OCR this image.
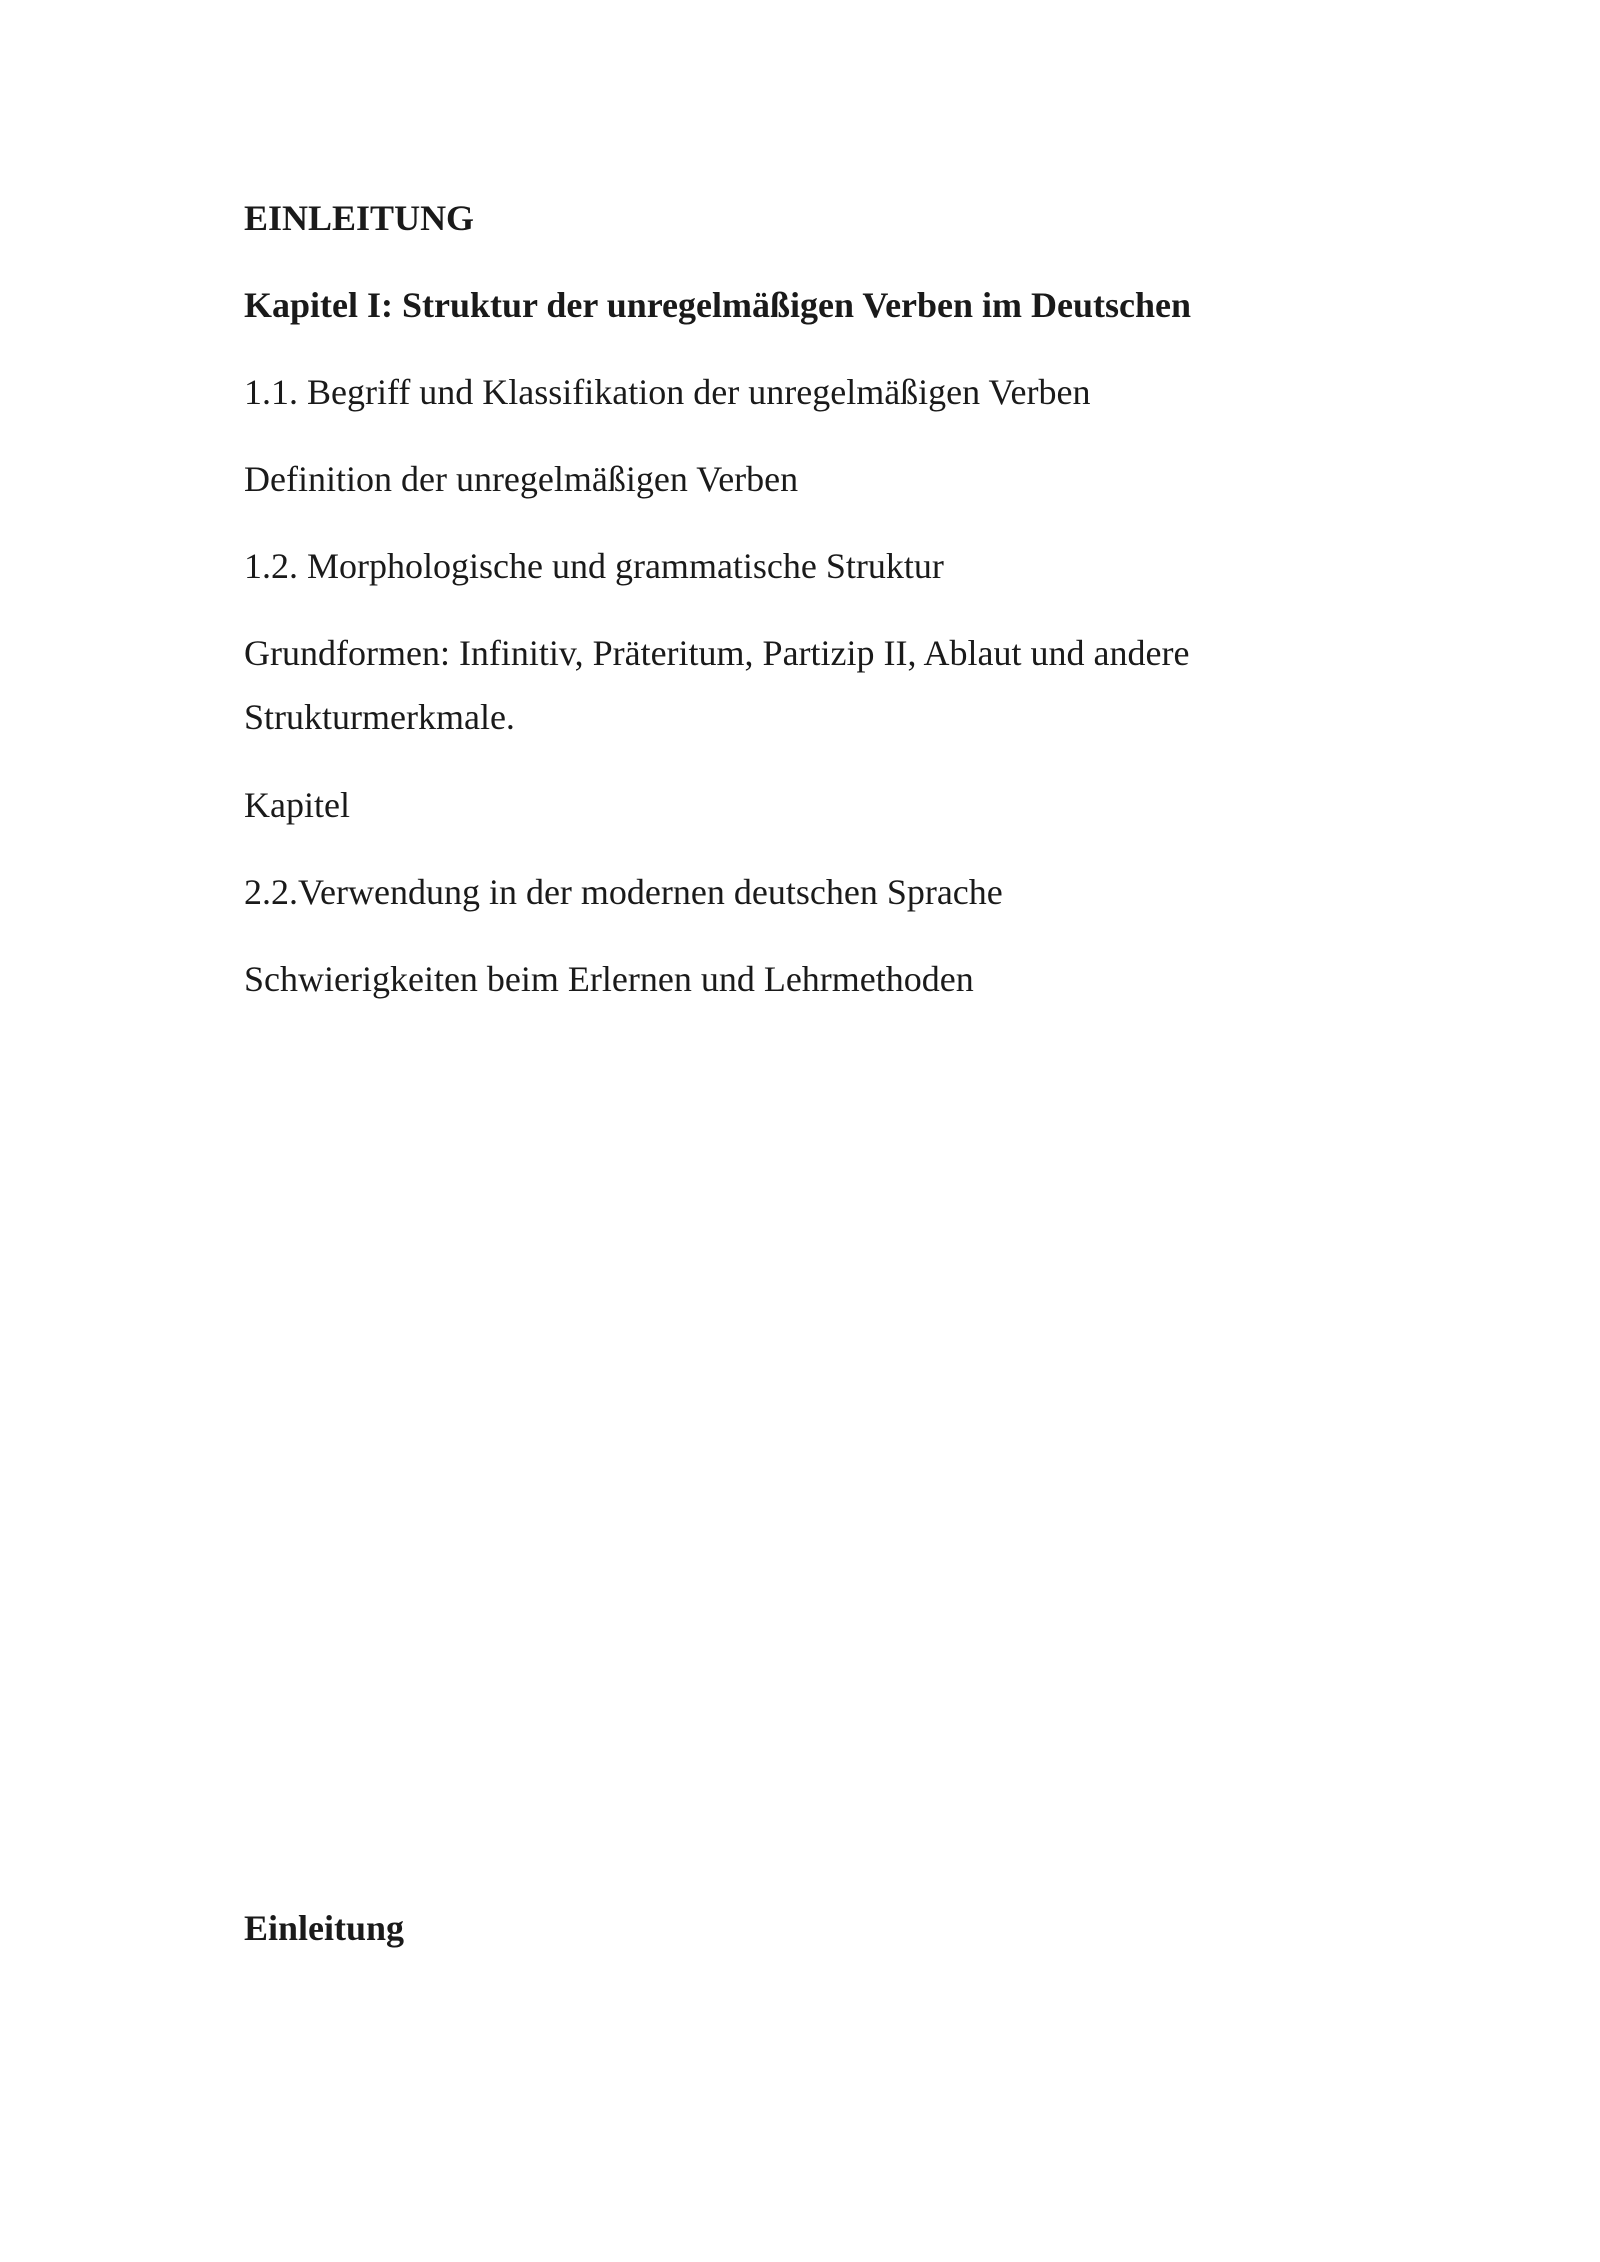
EINLEITUNG
Kapitel I: Struktur der unregelmäßigen Verben im Deutschen

1.1. Begriff und Klassifikation der unregelmäßigen Verben

Definition der unregelmäßigen Verben

1.2. Morphologische und grammatische Struktur

Grundformen: Infinitiv, Präteritum, Partizip II, Ablaut und andere Strukturmerkmale.

Kapitel

2.2.Verwendung in der modernen deutschen Sprache

Schwierigkeiten beim Erlernen und Lehrmethoden

Einleitung
